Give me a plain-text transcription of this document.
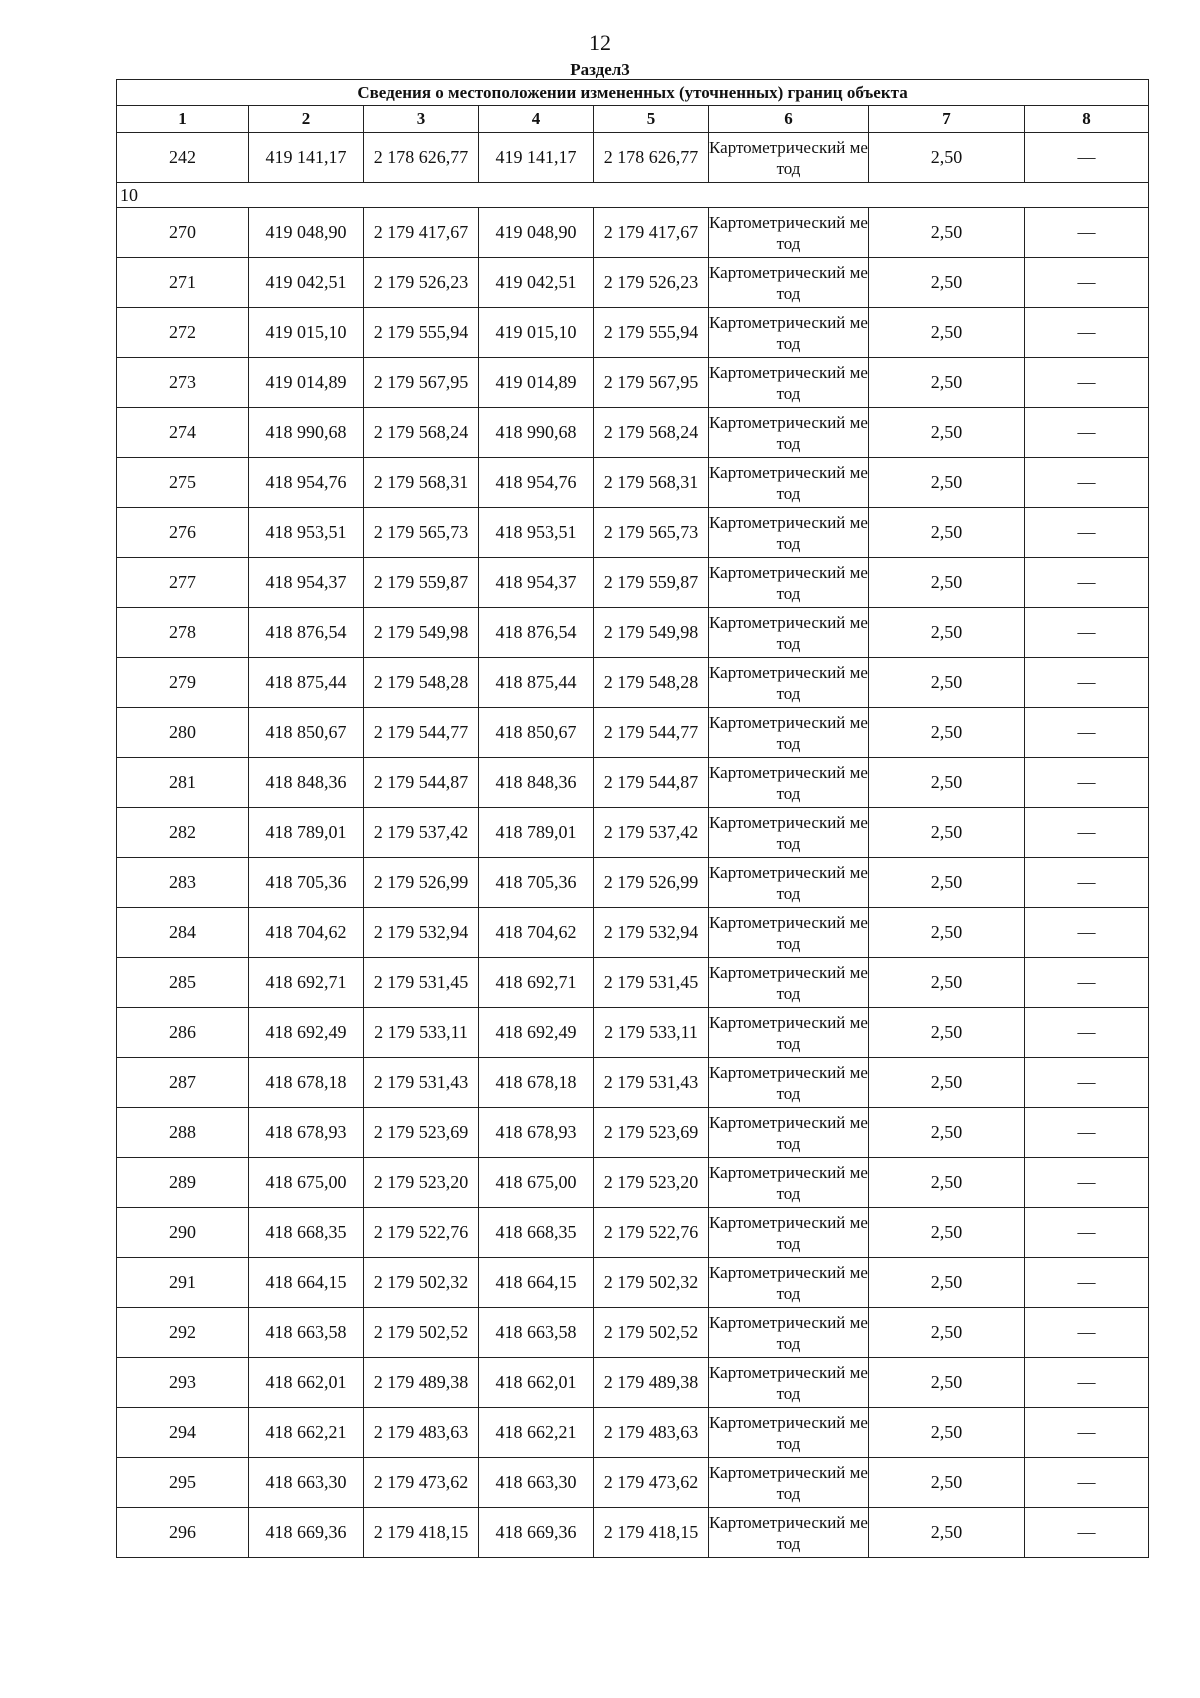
12
Раздел3
Сведения о местоположении измененных (уточненных) границ объекта							
1	2	3	4	5	6	7	8
242	419 141,17	2 178 626,77	419 141,17	2 178 626,77	Картометрический метод	2,50	—
10							
270	419 048,90	2 179 417,67	419 048,90	2 179 417,67	Картометрический метод	2,50	—
271	419 042,51	2 179 526,23	419 042,51	2 179 526,23	Картометрический метод	2,50	—
272	419 015,10	2 179 555,94	419 015,10	2 179 555,94	Картометрический метод	2,50	—
273	419 014,89	2 179 567,95	419 014,89	2 179 567,95	Картометрический метод	2,50	—
274	418 990,68	2 179 568,24	418 990,68	2 179 568,24	Картометрический метод	2,50	—
275	418 954,76	2 179 568,31	418 954,76	2 179 568,31	Картометрический метод	2,50	—
276	418 953,51	2 179 565,73	418 953,51	2 179 565,73	Картометрический метод	2,50	—
277	418 954,37	2 179 559,87	418 954,37	2 179 559,87	Картометрический метод	2,50	—
278	418 876,54	2 179 549,98	418 876,54	2 179 549,98	Картометрический метод	2,50	—
279	418 875,44	2 179 548,28	418 875,44	2 179 548,28	Картометрический метод	2,50	—
280	418 850,67	2 179 544,77	418 850,67	2 179 544,77	Картометрический метод	2,50	—
281	418 848,36	2 179 544,87	418 848,36	2 179 544,87	Картометрический метод	2,50	—
282	418 789,01	2 179 537,42	418 789,01	2 179 537,42	Картометрический метод	2,50	—
283	418 705,36	2 179 526,99	418 705,36	2 179 526,99	Картометрический метод	2,50	—
284	418 704,62	2 179 532,94	418 704,62	2 179 532,94	Картометрический метод	2,50	—
285	418 692,71	2 179 531,45	418 692,71	2 179 531,45	Картометрический метод	2,50	—
286	418 692,49	2 179 533,11	418 692,49	2 179 533,11	Картометрический метод	2,50	—
287	418 678,18	2 179 531,43	418 678,18	2 179 531,43	Картометрический метод	2,50	—
288	418 678,93	2 179 523,69	418 678,93	2 179 523,69	Картометрический метод	2,50	—
289	418 675,00	2 179 523,20	418 675,00	2 179 523,20	Картометрический метод	2,50	—
290	418 668,35	2 179 522,76	418 668,35	2 179 522,76	Картометрический метод	2,50	—
291	418 664,15	2 179 502,32	418 664,15	2 179 502,32	Картометрический метод	2,50	—
292	418 663,58	2 179 502,52	418 663,58	2 179 502,52	Картометрический метод	2,50	—
293	418 662,01	2 179 489,38	418 662,01	2 179 489,38	Картометрический метод	2,50	—
294	418 662,21	2 179 483,63	418 662,21	2 179 483,63	Картометрический метод	2,50	—
295	418 663,30	2 179 473,62	418 663,30	2 179 473,62	Картометрический метод	2,50	—
296	418 669,36	2 179 418,15	418 669,36	2 179 418,15	Картометрический метод	2,50	—
